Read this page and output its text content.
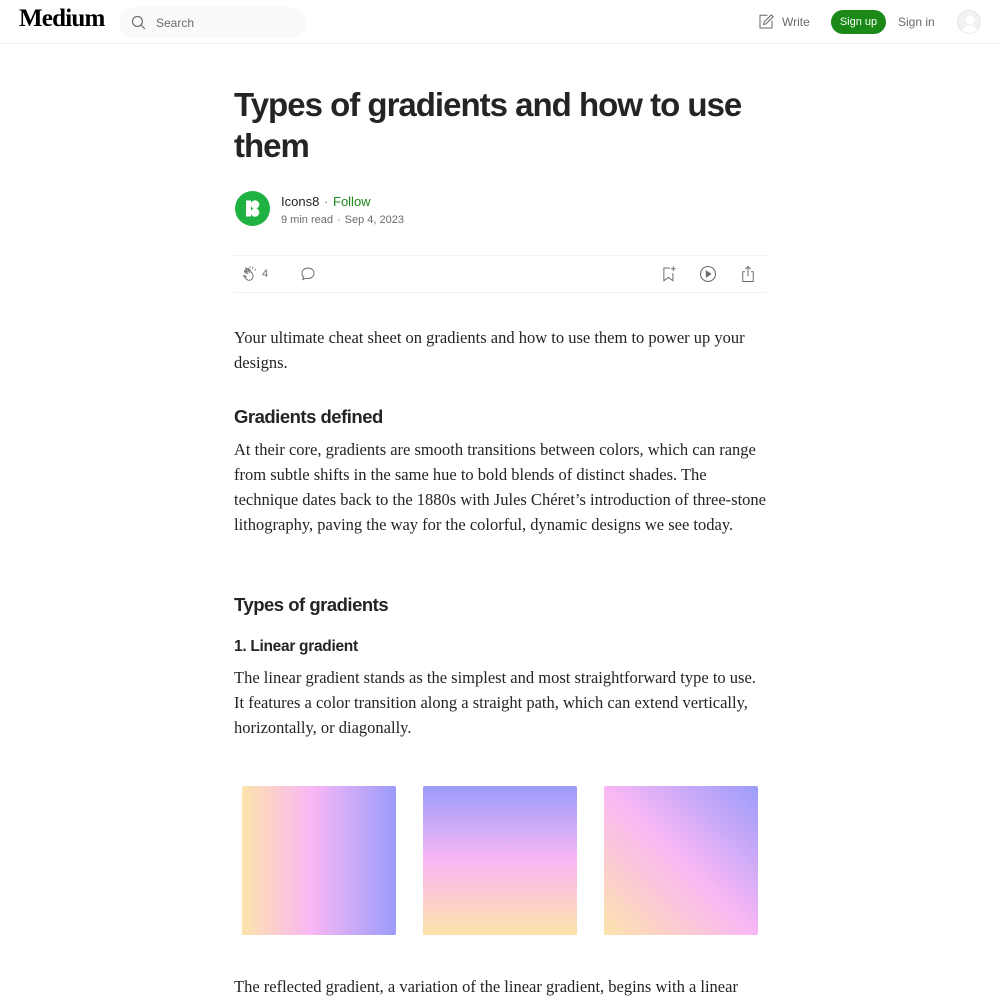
Medium
Search	Write	Sign up	Sign in
Types of gradients and how to use them
Icons8 · Follow
9 min read · Sep 4, 2023
4

Your ultimate cheat sheet on gradients and how to use them to power up your designs.

Gradients defined

At their core, gradients are smooth transitions between colors, which can range from subtle shifts in the same hue to bold blends of distinct shades. The technique dates back to the 1880s with Jules Chéret’s introduction of three-stone lithography, paving the way for the colorful, dynamic designs we see today.

Types of gradients
1. Linear gradient

The linear gradient stands as the simplest and most straightforward type to use. It features a color transition along a straight path, which can extend vertically, horizontally, or diagonally.

The reflected gradient, a variation of the linear gradient, begins with a linear
